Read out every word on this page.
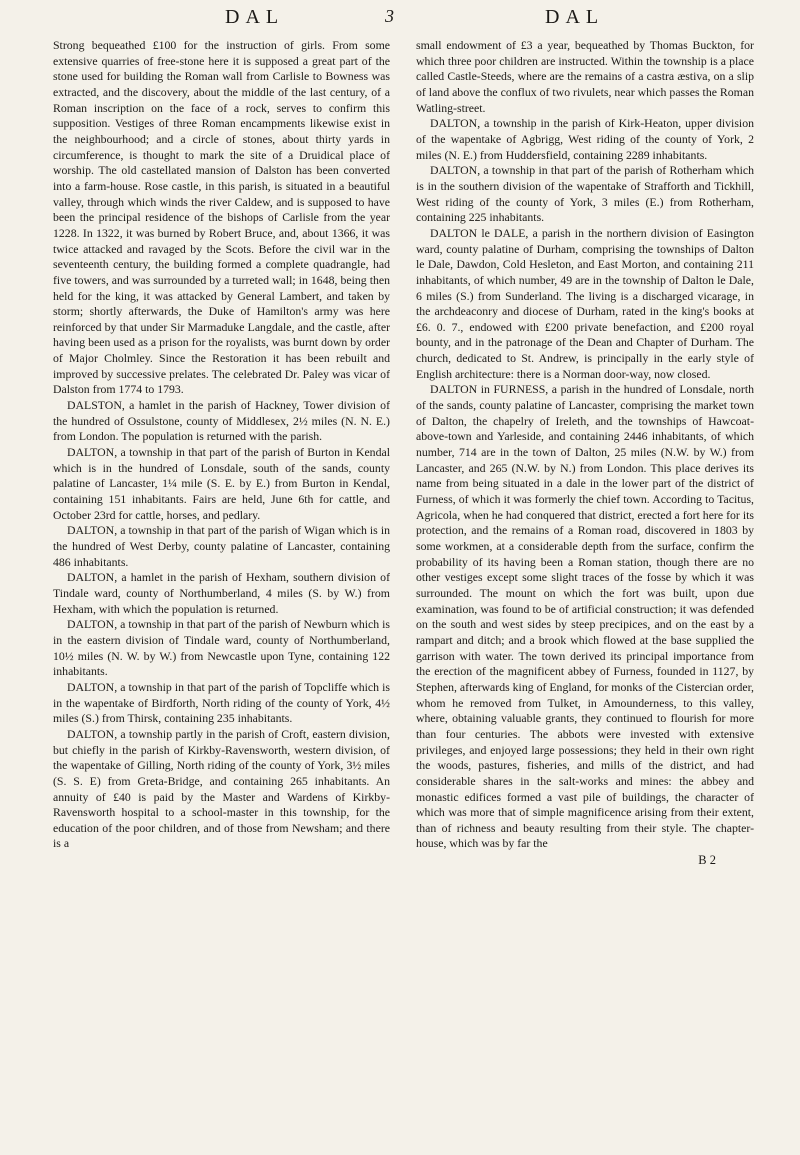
DAL	3	DAL

Strong bequeathed £100 for the instruction of girls. From some extensive quarries of free-stone here it is supposed a great part of the stone used for building the Roman wall from Carlisle to Bowness was extracted, and the discovery, about the middle of the last century, of a Roman inscription on the face of a rock, serves to confirm this supposition. Vestiges of three Roman encampments likewise exist in the neighbourhood; and a circle of stones, about thirty yards in circumference, is thought to mark the site of a Druidical place of worship. The old castellated mansion of Dalston has been converted into a farm-house. Rose castle, in this parish, is situated in a beautiful valley, through which winds the river Caldew, and is supposed to have been the principal residence of the bishops of Carlisle from the year 1228. In 1322, it was burned by Robert Bruce, and, about 1366, it was twice attacked and ravaged by the Scots. Before the civil war in the seventeenth century, the building formed a complete quadrangle, had five towers, and was surrounded by a turreted wall; in 1648, being then held for the king, it was attacked by General Lambert, and taken by storm; shortly afterwards, the Duke of Hamilton's army was here reinforced by that under Sir Marmaduke Langdale, and the castle, after having been used as a prison for the royalists, was burnt down by order of Major Cholmley. Since the Restoration it has been rebuilt and improved by successive prelates. The celebrated Dr. Paley was vicar of Dalston from 1774 to 1793.

DALSTON, a hamlet in the parish of Hackney, Tower division of the hundred of Ossulstone, county of Middlesex, 2½ miles (N. N. E.) from London. The population is returned with the parish.

DALTON, a township in that part of the parish of Burton in Kendal which is in the hundred of Lonsdale, south of the sands, county palatine of Lancaster, 1¼ mile (S. E. by E.) from Burton in Kendal, containing 151 inhabitants. Fairs are held, June 6th for cattle, and October 23rd for cattle, horses, and pedlary.

DALTON, a township in that part of the parish of Wigan which is in the hundred of West Derby, county palatine of Lancaster, containing 486 inhabitants.

DALTON, a hamlet in the parish of Hexham, southern division of Tindale ward, county of Northumberland, 4 miles (S. by W.) from Hexham, with which the population is returned.

DALTON, a township in that part of the parish of Newburn which is in the eastern division of Tindale ward, county of Northumberland, 10½ miles (N. W. by W.) from Newcastle upon Tyne, containing 122 inhabitants.

DALTON, a township in that part of the parish of Topcliffe which is in the wapentake of Birdforth, North riding of the county of York, 4½ miles (S.) from Thirsk, containing 235 inhabitants.

DALTON, a township partly in the parish of Croft, eastern division, but chiefly in the parish of Kirkby-Ravensworth, western division, of the wapentake of Gilling, North riding of the county of York, 3½ miles (S. S. E) from Greta-Bridge, and containing 265 inhabitants. An annuity of £40 is paid by the Master and Wardens of Kirkby-Ravensworth hospital to a school-master in this township, for the education of the poor children, and of those from Newsham; and there is a

small endowment of £3 a year, bequeathed by Thomas Buckton, for which three poor children are instructed. Within the township is a place called Castle-Steeds, where are the remains of a castra æstiva, on a slip of land above the conflux of two rivulets, near which passes the Roman Watling-street.

DALTON, a township in the parish of Kirk-Heaton, upper division of the wapentake of Agbrigg, West riding of the county of York, 2 miles (N. E.) from Huddersfield, containing 2289 inhabitants.

DALTON, a township in that part of the parish of Rotherham which is in the southern division of the wapentake of Strafforth and Tickhill, West riding of the county of York, 3 miles (E.) from Rotherham, containing 225 inhabitants.

DALTON le DALE, a parish in the northern division of Easington ward, county palatine of Durham, comprising the townships of Dalton le Dale, Dawdon, Cold Hesleton, and East Morton, and containing 211 inhabitants, of which number, 49 are in the township of Dalton le Dale, 6 miles (S.) from Sunderland. The living is a discharged vicarage, in the archdeaconry and diocese of Durham, rated in the king's books at £6. 0. 7., endowed with £200 private benefaction, and £200 royal bounty, and in the patronage of the Dean and Chapter of Durham. The church, dedicated to St. Andrew, is principally in the early style of English architecture: there is a Norman door-way, now closed.

DALTON in FURNESS, a parish in the hundred of Lonsdale, north of the sands, county palatine of Lancaster, comprising the market town of Dalton, the chapelry of Ireleth, and the townships of Hawcoat-above-town and Yarleside, and containing 2446 inhabitants, of which number, 714 are in the town of Dalton, 25 miles (N.W. by W.) from Lancaster, and 265 (N.W. by N.) from London. This place derives its name from being situated in a dale in the lower part of the district of Furness, of which it was formerly the chief town. According to Tacitus, Agricola, when he had conquered that district, erected a fort here for its protection, and the remains of a Roman road, discovered in 1803 by some workmen, at a considerable depth from the surface, confirm the probability of its having been a Roman station, though there are no other vestiges except some slight traces of the fosse by which it was surrounded. The mount on which the fort was built, upon due examination, was found to be of artificial construction; it was defended on the south and west sides by steep precipices, and on the east by a rampart and ditch; and a brook which flowed at the base supplied the garrison with water. The town derived its principal importance from the erection of the magnificent abbey of Furness, founded in 1127, by Stephen, afterwards king of England, for monks of the Cistercian order, whom he removed from Tulket, in Amounderness, to this valley, where, obtaining valuable grants, they continued to flourish for more than four centuries. The abbots were invested with extensive privileges, and enjoyed large possessions; they held in their own right the woods, pastures, fisheries, and mills of the district, and had considerable shares in the salt-works and mines: the abbey and monastic edifices formed a vast pile of buildings, the character of which was more that of simple magnificence arising from their extent, than of richness and beauty resulting from their style. The chapter-house, which was by far the

B 2
